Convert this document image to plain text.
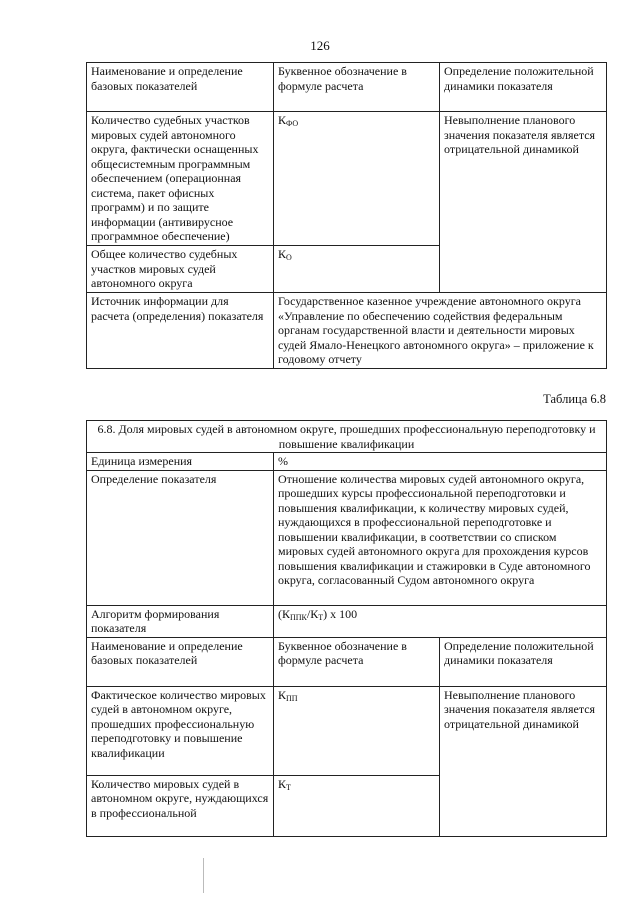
126
Наименование и определение базовых показателей	Буквенное обозначение в формуле расчета	Определение положительной динамики показателя
Количество судебных участков мировых судей автономного округа, фактически оснащенных общесистемным программным обеспечением (операционная система, пакет офисных программ) и по защите информации (антивирусное программное обеспечение)	$К_{ФО}$	Невыполнение планового значения показателя является отрицательной динамикой
Общее количество судебных участков мировых судей автономного округа	$К_О$
Источник информации для расчета (определения) показателя	Государственное казенное учреждение автономного округа «Управление по обеспечению содействия федеральным органам государственной власти и деятельности мировых судей Ямало-Ненецкого автономного округа» – приложение к годовому отчету	
Таблица 6.8
6.8. Доля мировых судей в автономном округе, прошедших профессиональную переподготовку и повышение квалификации		
Единица измерения	%	
Определение показателя	Отношение количества мировых судей автономного округа, прошедших курсы профессиональной переподготовки и повышения квалификации, к количеству мировых судей, нуждающихся в профессиональной переподготовке и повышении квалификации, в соответствии со списком мировых судей автономного округа для прохождения курсов повышения квалификации и стажировки в Суде автономного округа, согласованный Судом автономного округа	
Алгоритм формирования показателя	$(К_{ППК}/К_Т)$ х 100	
Наименование и определение базовых показателей	Буквенное обозначение в формуле расчета	Определение положительной динамики показателя
Фактическое количество мировых судей в автономном округе, прошедших профессиональную переподготовку и повышение квалификации	$К_{ПП}$	Невыполнение планового значения показателя является отрицательной динамикой
Количество мировых судей в автономном округе, нуждающихся в профессиональной	$К_Т$
